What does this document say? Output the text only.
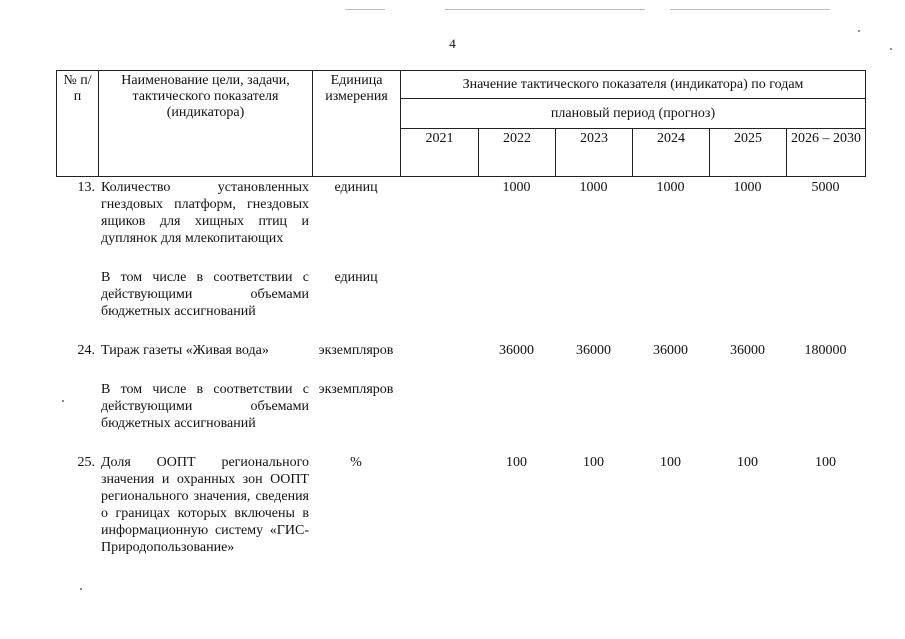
4
№ п/п	Наименование цели, задачи, тактического показателя (индикатора)	Единица измерения	Значение тактического показателя (индикатора) по годам					
			плановый период (прогноз)					
			2021	2022	2023	2024	2025	2026 – 2030
13.	Количество установленных гнездовых платформ, гнездовых ящиков для хищных птиц и дуплянок для млекопитающих	единиц		1000	1000	1000	1000	5000

	В том числе в соответствии с действующими объемами бюджетных ассигнований	единиц						

24.	Тираж газеты «Живая вода»	экземпляров		36000	36000	36000	36000	180000

	В том числе в соответствии с действующими объемами бюджетных ассигнований	экземпляров						

25.	Доля ООПТ регионального значения и охранных зон ООПТ регионального значения, сведения о границах которых включены в информационную систему «ГИС-Природопользование»	%		100	100	100	100	100
